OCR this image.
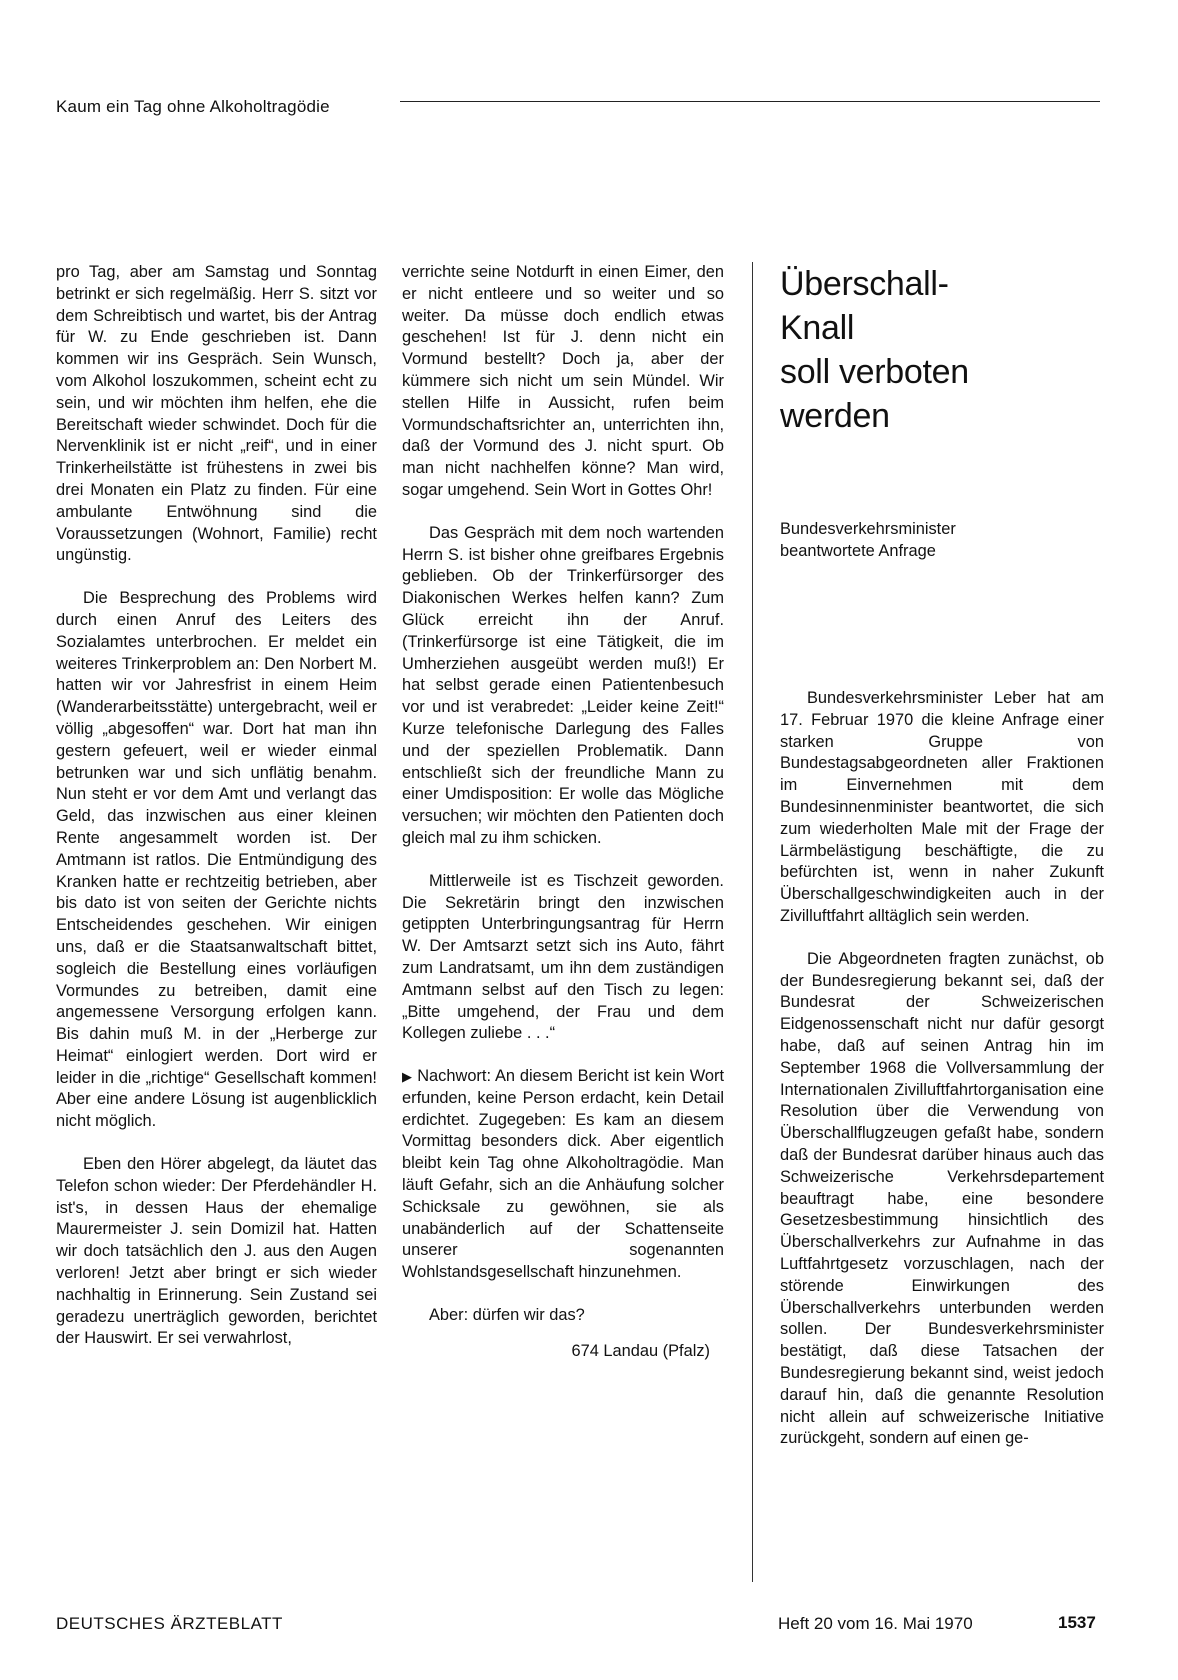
Kaum ein Tag ohne Alkoholtragödie

pro Tag, aber am Samstag und Sonntag betrinkt er sich regelmäßig. Herr S. sitzt vor dem Schreibtisch und wartet, bis der Antrag für W. zu Ende geschrieben ist. Dann kommen wir ins Gespräch. Sein Wunsch, vom Alkohol loszukommen, scheint echt zu sein, und wir möchten ihm helfen, ehe die Bereitschaft wieder schwindet. Doch für die Nervenklinik ist er nicht „reif“, und in einer Trinkerheilstätte ist frühestens in zwei bis drei Monaten ein Platz zu finden. Für eine ambulante Entwöhnung sind die Voraussetzungen (Wohnort, Familie) recht ungünstig.

Die Besprechung des Problems wird durch einen Anruf des Leiters des Sozialamtes unterbrochen. Er meldet ein weiteres Trinkerproblem an: Den Norbert M. hatten wir vor Jahresfrist in einem Heim (Wanderarbeitsstätte) untergebracht, weil er völlig „abgesoffen“ war. Dort hat man ihn gestern gefeuert, weil er wieder einmal betrunken war und sich unflätig benahm. Nun steht er vor dem Amt und verlangt das Geld, das inzwischen aus einer kleinen Rente angesammelt worden ist. Der Amtmann ist ratlos. Die Entmündigung des Kranken hatte er rechtzeitig betrieben, aber bis dato ist von seiten der Gerichte nichts Entscheidendes geschehen. Wir einigen uns, daß er die Staatsanwaltschaft bittet, sogleich die Bestellung eines vorläufigen Vormundes zu betreiben, damit eine angemessene Versorgung erfolgen kann. Bis dahin muß M. in der „Herberge zur Heimat“ einlogiert werden. Dort wird er leider in die „richtige“ Gesellschaft kommen! Aber eine andere Lösung ist augenblicklich nicht möglich.

Eben den Hörer abgelegt, da läutet das Telefon schon wieder: Der Pferdehändler H. ist's, in dessen Haus der ehemalige Maurermeister J. sein Domizil hat. Hatten wir doch tatsächlich den J. aus den Augen verloren! Jetzt aber bringt er sich wieder nachhaltig in Erinnerung. Sein Zustand sei geradezu unerträglich geworden, berichtet der Hauswirt. Er sei verwahrlost,

verrichte seine Notdurft in einen Eimer, den er nicht entleere und so weiter und so weiter. Da müsse doch endlich etwas geschehen! Ist für J. denn nicht ein Vormund bestellt? Doch ja, aber der kümmere sich nicht um sein Mündel. Wir stellen Hilfe in Aussicht, rufen beim Vormundschaftsrichter an, unterrichten ihn, daß der Vormund des J. nicht spurt. Ob man nicht nachhelfen könne? Man wird, sogar umgehend. Sein Wort in Gottes Ohr!

Das Gespräch mit dem noch wartenden Herrn S. ist bisher ohne greifbares Ergebnis geblieben. Ob der Trinkerfürsorger des Diakonischen Werkes helfen kann? Zum Glück erreicht ihn der Anruf. (Trinkerfürsorge ist eine Tätigkeit, die im Umherziehen ausgeübt werden muß!) Er hat selbst gerade einen Patientenbesuch vor und ist verabredet: „Leider keine Zeit!“ Kurze telefonische Darlegung des Falles und der speziellen Problematik. Dann entschließt sich der freundliche Mann zu einer Umdisposition: Er wolle das Mögliche versuchen; wir möchten den Patienten doch gleich mal zu ihm schicken.

Mittlerweile ist es Tischzeit geworden. Die Sekretärin bringt den inzwischen getippten Unterbringungsantrag für Herrn W. Der Amtsarzt setzt sich ins Auto, fährt zum Landratsamt, um ihn dem zuständigen Amtmann selbst auf den Tisch zu legen: „Bitte umgehend, der Frau und dem Kollegen zuliebe . . .“

▶ Nachwort: An diesem Bericht ist kein Wort erfunden, keine Person erdacht, kein Detail erdichtet. Zugegeben: Es kam an diesem Vormittag besonders dick. Aber eigentlich bleibt kein Tag ohne Alkoholtragödie. Man läuft Gefahr, sich an die Anhäufung solcher Schicksale zu gewöhnen, sie als unabänderlich auf der Schattenseite unserer sogenannten Wohlstandsgesellschaft hinzunehmen.

Aber: dürfen wir das?

674 Landau (Pfalz)

Überschall-
Knall
soll verboten
werden
Bundesverkehrsminister
beantwortete Anfrage

Bundesverkehrsminister Leber hat am 17. Februar 1970 die kleine Anfrage einer starken Gruppe von Bundestagsabgeordneten aller Fraktionen im Einvernehmen mit dem Bundesinnenminister beantwortet, die sich zum wiederholten Male mit der Frage der Lärmbelästigung beschäftigte, die zu befürchten ist, wenn in naher Zukunft Überschallgeschwindigkeiten auch in der Zivilluftfahrt alltäglich sein werden.

Die Abgeordneten fragten zunächst, ob der Bundesregierung bekannt sei, daß der Bundesrat der Schweizerischen Eidgenossenschaft nicht nur dafür gesorgt habe, daß auf seinen Antrag hin im September 1968 die Vollversammlung der Internationalen Zivilluftfahrtorganisation eine Resolution über die Verwendung von Überschallflugzeugen gefaßt habe, sondern daß der Bundesrat darüber hinaus auch das Schweizerische Verkehrsdepartement beauftragt habe, eine besondere Gesetzesbestimmung hinsichtlich des Überschallverkehrs zur Aufnahme in das Luftfahrtgesetz vorzuschlagen, nach der störende Einwirkungen des Überschallverkehrs unterbunden werden sollen. Der Bundesverkehrsminister bestätigt, daß diese Tatsachen der Bundesregierung bekannt sind, weist jedoch darauf hin, daß die genannte Resolution nicht allein auf schweizerische Initiative zurückgeht, sondern auf einen ge-

DEUTSCHES ÄRZTEBLATT	Heft 20 vom 16. Mai 1970	1537
